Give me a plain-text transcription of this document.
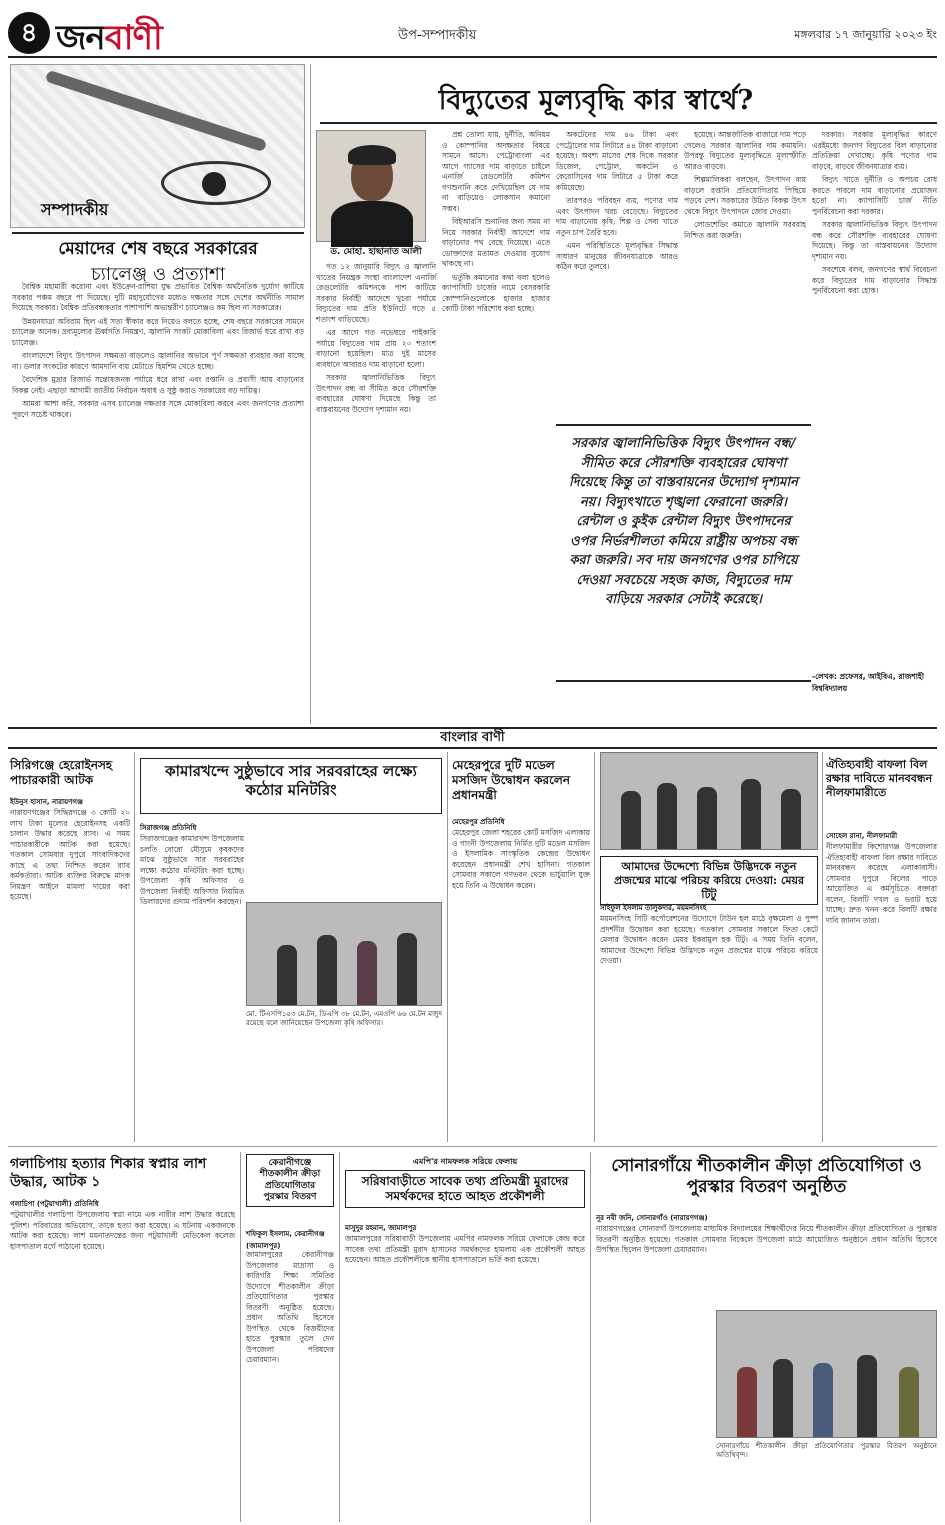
৪ জনবাণী	উপ-সম্পাদকীয়	মঙ্গলবার ১৭ জানুয়ারি ২০২৩ ইং
সম্পাদকীয়
মেয়াদের শেষ বছরে সরকারের
চ্যালেঞ্জ ও প্রত্যাশা

বৈশ্বিক মহামারী করোনা এবং ইউক্রেন-রাশিয়া যুদ্ধ প্রভাবিত বৈশ্বিক অর্থনৈতিক দুর্যোগ কাটিয়ে সরকার পঞ্চম বছরে পা দিয়েছে। দুটি মহাদুর্যোগের মধ্যেও দক্ষতার সঙ্গে দেশের অর্থনীতি সামাল দিয়েছে সরকার। বৈশ্বিক প্রতিবন্ধকতার পাশাপাশি অভ্যন্তরীণ চ্যালেঞ্জও কম ছিল না সরকারের।

উন্নয়নযাত্রা অবিরাম ছিল এই সত্য স্বীকার করে নিয়েও বলতে হচ্ছে, শেষ বছরে সরকারের সামনে চ্যালেঞ্জ অনেক। দ্রব্যমূল্যের ঊর্ধ্বগতি নিয়ন্ত্রণ, জ্বালানি সংকট মোকাবিলা এবং রিজার্ভ ধরে রাখা বড় চ্যালেঞ্জ।

বাংলাদেশে বিদ্যুৎ উৎপাদন সক্ষমতা বাড়লেও জ্বালানির অভাবে পূর্ণ সক্ষমতা ব্যবহার করা যাচ্ছে না। ডলার সংকটের কারণে আমদানি ব্যয় মেটাতে হিমশিম খেতে হচ্ছে।

বৈদেশিক মুদ্রার রিজার্ভ সন্তোষজনক পর্যায়ে ধরে রাখা এবং রপ্তানি ও প্রবাসী আয় বাড়ানোর বিকল্প নেই। এছাড়া আগামী জাতীয় নির্বাচন অবাধ ও সুষ্ঠু করাও সরকারের বড় দায়িত্ব।

আমরা আশা করি, সরকার এসব চ্যালেঞ্জ দক্ষতার সঙ্গে মোকাবিলা করবে এবং জনগণের প্রত্যাশা পূরণে সচেষ্ট থাকবে।

বিদ্যুতের মূল্যবৃদ্ধি কার স্বার্থে?
ড. মোহা. হাছানাত আলী

গত ১২ জানুয়ারি বিদ্যুৎ ও জ্বালানি খাতের নিয়ন্ত্রক সংস্থা বাংলাদেশ এনার্জি রেগুলেটরি কমিশনকে পাশ কাটিয়ে সরকার নির্বাহী আদেশে খুচরা পর্যায়ে বিদ্যুতের দাম প্রতি ইউনিটে গড়ে ৫ শতাংশ বাড়িয়েছে।

এর আগে গত নভেম্বরে পাইকারি পর্যায়ে বিদ্যুতের দাম প্রায় ২০ শতাংশ বাড়ানো হয়েছিল। মাত্র দুই মাসের ব্যবধানে আবারও দাম বাড়ানো হলো।

সরকার জ্বালানিভিত্তিক বিদ্যুৎ উৎপাদন বন্ধ বা সীমিত করে সৌরশক্তি ব্যবহারের ঘোষণা দিয়েছে কিন্তু তা বাস্তবায়নের উদ্যোগ দৃশ্যমান নয়।

প্রশ্ন তোলা যায়, দুর্নীতি, অনিয়ম ও কোম্পানির অদক্ষতার বিষয়ে সামনে আসে। পেট্রোবাংলা এর আগে গ্যাসের দাম বাড়াতে চাইলে এনার্জি রেগুলেটরি কমিশন গণশুনানি করে দেখিয়েছিল যে দাম না বাড়িয়েও লোকসান কমানো সম্ভব।

বিইআরসি শুনানির জন্য সময় না নিয়ে সরকার নির্বাহী আদেশে দাম বাড়ানোর পথ বেছে নিয়েছে। এতে ভোক্তাদের মতামত দেওয়ার সুযোগ থাকছে না।

ভর্তুকি কমানোর কথা বলা হলেও ক্যাপাসিটি চার্জের নামে বেসরকারি কোম্পানিগুলোকে হাজার হাজার কোটি টাকা পরিশোধ করা হচ্ছে।

অকটেনের দাম ৪৬ টাকা এবং পেট্রোলের দাম লিটারে ৪৪ টাকা বাড়ানো হয়েছে। অবশ্য মাসের শেষ দিকে সরকার ডিজেল, পেট্রোল, অকটেন ও কেরোসিনের দাম লিটারে ৫ টাকা করে কমিয়েছে।

তারপরও পরিবহন ব্যয়, পণ্যের দাম এবং উৎপাদন খরচ বেড়েছে। বিদ্যুতের দাম বাড়ানোয় কৃষি, শিল্প ও সেবা খাতে নতুন চাপ তৈরি হবে।

এমন পরিস্থিতিতে মূল্যবৃদ্ধির সিদ্ধান্ত সাধারণ মানুষের জীবনযাত্রাকে আরও কঠিন করে তুলবে।

হয়েছে। আন্তর্জাতিক বাজারে দাম পড়ে গেলেও সরকার জ্বালানির দাম কমায়নি। উপরন্তু বিদ্যুতের মূল্যবৃদ্ধিতে মূল্যস্ফীতি আরও বাড়বে।

শিল্পমালিকরা বলছেন, উৎপাদন ব্যয় বাড়লে রপ্তানি প্রতিযোগিতায় পিছিয়ে পড়বে দেশ। সরকারের উচিত বিকল্প উৎস থেকে বিদ্যুৎ উৎপাদনে জোর দেওয়া।

লোডশেডিং কমাতে জ্বালানি সরবরাহ নিশ্চিত করা জরুরি।

দরকার। সরকার মূল্যবৃদ্ধির কারণে এরইমধ্যে জনগণ বিদ্যুতের বিল বাড়ানোর প্রতিক্রিয়া দেখাচ্ছে। কৃষি পণ্যের দাম বাড়বে, বাড়বে জীবনযাত্রার ব্যয়।

বিদ্যুৎ খাতে দুর্নীতি ও অপচয় রোধ করতে পারলে দাম বাড়ানোর প্রয়োজন হতো না। ক্যাপাসিটি চার্জ নীতি পুনর্বিবেচনা করা দরকার।

সরকার জ্বালানিভিত্তিক বিদ্যুৎ উৎপাদন বন্ধ করে সৌরশক্তি ব্যবহারের ঘোষণা দিয়েছে। কিন্তু তা বাস্তবায়নের উদ্যোগ দৃশ্যমান নয়।

সবশেষে বলব, জনগণের স্বার্থ বিবেচনা করে বিদ্যুতের দাম বাড়ানোর সিদ্ধান্ত পুনর্বিবেচনা করা হোক।

সরকার জ্বালানিভিত্তিক বিদ্যুৎ উৎপাদন বন্ধ/সীমিত করে সৌরশক্তি ব্যবহারের ঘোষণা দিয়েছে কিন্তু তা বাস্তবায়নের উদ্যোগ দৃশ্যমান নয়। বিদ্যুৎখাতে শৃঙ্খলা ফেরানো জরুরি। রেন্টাল ও কুইক রেন্টাল বিদ্যুৎ উৎপাদনের ওপর নির্ভরশীলতা কমিয়ে রাষ্ট্রীয় অপচয় বন্ধ করা জরুরি। সব দায় জনগণের ওপর চাপিয়ে দেওয়া সবচেয়ে সহজ কাজ, বিদ্যুতের দাম বাড়িয়ে সরকার সেটাই করেছে।
-লেখক: প্রফেসর, আইবিএ, রাজশাহী বিশ্ববিদ্যালয়
বাংলার বাণী
সিরিগঞ্জে হেরোইনসহ পাচারকারী আটক
ইউনুস হাসান, নারায়ণগঞ্জ
নারায়ণগঞ্জের সিদ্ধিরগঞ্জে ৩ কোটি ২০ লাখ টাকা মূল্যের হেরোইনসহ একটি চালান উদ্ধার করেছে র‌্যাব। এ সময় পাচারকারীকে আটক করা হয়েছে। গতকাল সোমবার দুপুরে সাংবাদিকদের কাছে এ তথ্য নিশ্চিত করেন র‌্যাব কর্মকর্তারা। আটক ব্যক্তির বিরুদ্ধে মাদক নিয়ন্ত্রণ আইনে মামলা দায়ের করা হয়েছে।
কামারখন্দে সুষ্ঠুভাবে সার সরবরাহের লক্ষ্যে কঠোর মনিটরিং
সিরাজগঞ্জ প্রতিনিধি
সিরাজগঞ্জের কামারখন্দ উপজেলায় চলতি বোরো মৌসুমে কৃষকদের মাঝে সুষ্ঠুভাবে সার সরবরাহের লক্ষ্যে কঠোর মনিটরিং করা হচ্ছে। উপজেলা কৃষি অফিসার ও উপজেলা নির্বাহী অফিসার নিয়মিত ডিলারদের গুদাম পরিদর্শন করছেন।
মো. টিএসপি১৫৩ মে.টন, ডিএপি ৩৮ মে.টন, এমওপি ৬৬ মে.টন মজুদ রয়েছে বলে জানিয়েছেন উপজেলা কৃষি অফিসার।
মেহেরপুরে দুটি মডেল মসজিদ উদ্বোধন করলেন প্রধানমন্ত্রী
মেহেরপুর প্রতিনিধি
মেহেরপুর জেলা শহরের কোর্ট মসজিদ এলাকায় ও গাংনী উপজেলায় নির্মিত দুটি মডেল মসজিদ ও ইসলামিক সাংস্কৃতিক কেন্দ্রের উদ্বোধন করেছেন প্রধানমন্ত্রী শেখ হাসিনা। গতকাল সোমবার সকালে গণভবন থেকে ভার্চুয়ালি যুক্ত হয়ে তিনি এ উদ্বোধন করেন।
আমাদের উদ্দেশ্যে বিভিন্ন উদ্ভিদকে নতুন প্রজন্মের মাঝে পরিচয় করিয়ে দেওয়া: মেয়র টিটু
সাইফুল ইসলাম তালুকদার, ময়মনসিংহ
ময়মনসিংহ সিটি কর্পোরেশনের উদ্যোগে টাউন হল মাঠে বৃক্ষমেলা ও পুষ্প প্রদর্শনীর উদ্বোধন করা হয়েছে। গতকাল সোমবার সকালে ফিতা কেটে মেলার উদ্বোধন করেন মেয়র ইকরামুল হক টিটু। এ সময় তিনি বলেন, আমাদের উদ্দেশ্যে বিভিন্ন উদ্ভিদকে নতুন প্রজন্মের মাঝে পরিচয় করিয়ে দেওয়া।
ঐতিহ্যবাহী বাফলা বিল রক্ষার দাবিতে মানববন্ধন নীলফামারীতে
সোহেল রানা, নীলফামারী
নীলফামারীর কিশোরগঞ্জ উপজেলার ঐতিহ্যবাহী বাফলা বিল রক্ষার দাবিতে মানববন্ধন করেছে এলাকাবাসী। সোমবার দুপুরে বিলের পাড়ে আয়োজিত এ কর্মসূচিতে বক্তারা বলেন, বিলটি দখল ও ভরাট হয়ে যাচ্ছে। দ্রুত খনন করে বিলটি রক্ষার দাবি জানান তারা।
গলাচিপায় হত্যার শিকার স্বপ্নার লাশ উদ্ধার, আটক ১
গলাচিপা (পটুয়াখালী) প্রতিনিধি
পটুয়াখালীর গলাচিপা উপজেলায় স্বপ্না নামে এক নারীর লাশ উদ্ধার করেছে পুলিশ। পরিবারের অভিযোগ, তাকে হত্যা করা হয়েছে। এ ঘটনায় একজনকে আটক করা হয়েছে। লাশ ময়নাতদন্তের জন্য পটুয়াখালী মেডিকেল কলেজ হাসপাতাল মর্গে পাঠানো হয়েছে।
কেরানীগঞ্জে শীতকালীন ক্রীড়া প্রতিযোগিতার পুরস্কার বিতরণ
শফিকুল ইসলাম, কেরানীগঞ্জ (জামালপুর)
জামালপুরের কেরানীগঞ্জ উপজেলার মাদ্রাসা ও কারিগরি শিক্ষা সমিতির উদ্যোগে শীতকালীন ক্রীড়া প্রতিযোগিতার পুরস্কার বিতরণী অনুষ্ঠিত হয়েছে। প্রধান অতিথি হিসেবে উপস্থিত থেকে বিজয়ীদের হাতে পুরস্কার তুলে দেন উপজেলা পরিষদের চেয়ারম্যান।
এমপি'র নামফলক সরিয়ে ফেলায়
সরিষাবাড়ীতে সাবেক তথ্য প্রতিমন্ত্রী মুরাদের সমর্থকদের হাতে আহত প্রকৌশলী
মাসুদুর রহমান, জামালপুর
জামালপুরের সরিষাবাড়ী উপজেলায় এমপির নামফলক সরিয়ে ফেলাকে কেন্দ্র করে সাবেক তথ্য প্রতিমন্ত্রী মুরাদ হাসানের সমর্থকদের হামলায় এক প্রকৌশলী আহত হয়েছেন। আহত প্রকৌশলীকে স্থানীয় হাসপাতালে ভর্তি করা হয়েছে।
সোনারগাঁয়ে শীতকালীন ক্রীড়া প্রতিযোগিতা ও পুরস্কার বিতরণ অনুষ্ঠিত
নূর নবী জনি, সোনারগাঁও (নারায়ণগঞ্জ)
নারায়ণগঞ্জের সোনারগাঁ উপজেলায় মাধ্যমিক বিদ্যালয়ের শিক্ষার্থীদের নিয়ে শীতকালীন ক্রীড়া প্রতিযোগিতা ও পুরস্কার বিতরণী অনুষ্ঠিত হয়েছে। গতকাল সোমবার বিকেলে উপজেলা মাঠে আয়োজিত অনুষ্ঠানে প্রধান অতিথি হিসেবে উপস্থিত ছিলেন উপজেলা চেয়ারম্যান।
সোনারগাঁয়ে শীতকালীন ক্রীড়া প্রতিযোগিতার পুরস্কার বিতরণ অনুষ্ঠানে অতিথিবৃন্দ।
